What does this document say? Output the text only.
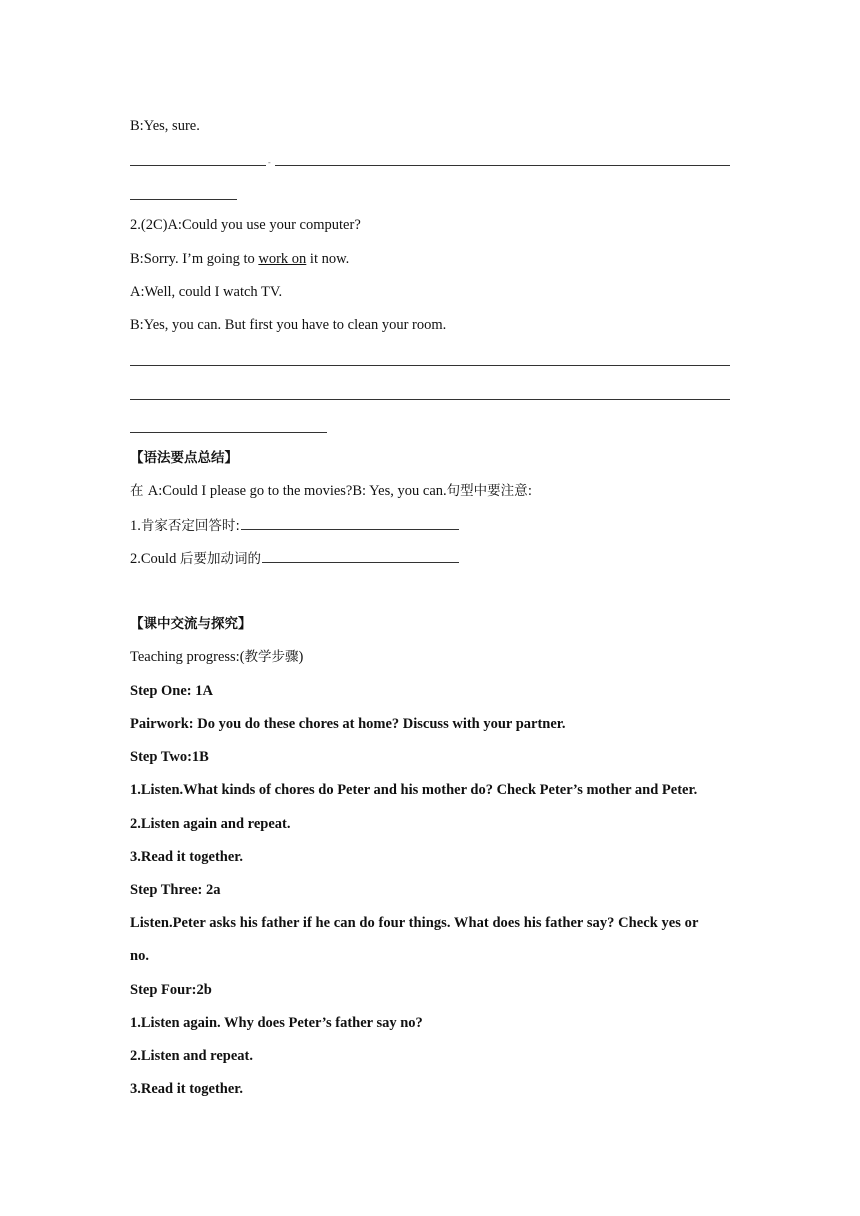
B:Yes, sure.
-
2.(2C)A:Could you use your computer?
B:Sorry. I’m going to work on it now.
A:Well, could I watch TV.
B:Yes, you can. But first you have to clean your room.
【语法要点总结】
在 A:Could I please go to the movies?B: Yes, you can.句型中要注意:
1.肯家否定回答时:
2.Could 后要加动词的
【课中交流与探究】
Teaching progress:(教学步骤)
Step One: 1A
Pairwork: Do you do these chores at home? Discuss with your partner.
Step Two:1B
1.Listen.What kinds of chores do Peter and his mother do? Check Peter’s mother and Peter.
2.Listen again and repeat.
3.Read it together.
Step Three: 2a
Listen.Peter asks his father if he can do four things. What does his father say? Check yes or
no.
Step Four:2b
1.Listen again. Why does Peter’s father say no?
2.Listen and repeat.
3.Read it together.
